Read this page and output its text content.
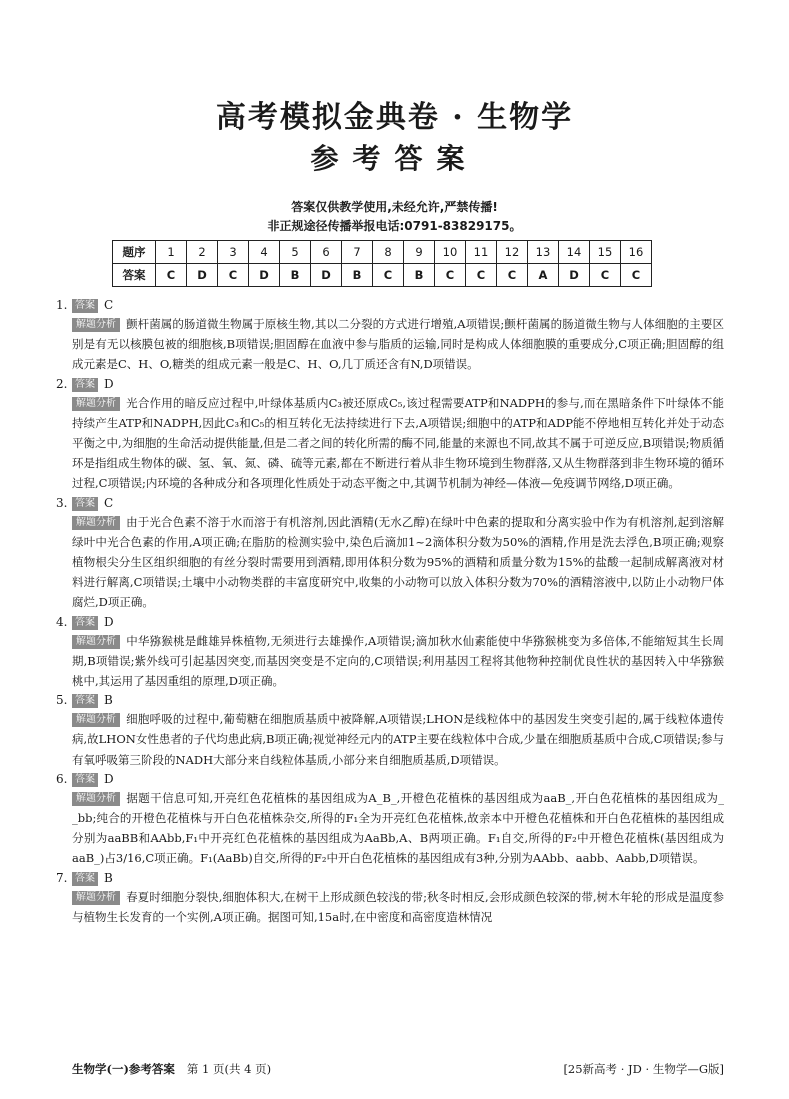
高考模拟金典卷 · 生物学
参考答案
答案仅供教学使用,未经允许,严禁传播!
非正规途径传播举报电话:0791-83829175。
题序	1	2	3	4	5	6	7	8	9	10	11	12	13	14	15	16
答案	C	D	C	D	B	D	B	C	B	C	C	C	A	D	C	C
1. 答案 C
解题分析 颤杆菌属的肠道微生物属于原核生物,其以二分裂的方式进行增殖,A项错误;颤杆菌属的肠道微生物与人体细胞的主要区别是有无以核膜包被的细胞核,B项错误;胆固醇在血液中参与脂质的运输,同时是构成人体细胞膜的重要成分,C项正确;胆固醇的组成元素是C、H、O,糖类的组成元素一般是C、H、O,几丁质还含有N,D项错误。
2. 答案 D
解题分析 光合作用的暗反应过程中,叶绿体基质内C₃被还原成C₅,该过程需要ATP和NADPH的参与,而在黑暗条件下叶绿体不能持续产生ATP和NADPH,因此C₃和C₅的相互转化无法持续进行下去,A项错误;细胞中的ATP和ADP能不停地相互转化并处于动态平衡之中,为细胞的生命活动提供能量,但是二者之间的转化所需的酶不同,能量的来源也不同,故其不属于可逆反应,B项错误;物质循环是指组成生物体的碳、氢、氧、氮、磷、硫等元素,都在不断进行着从非生物环境到生物群落,又从生物群落到非生物环境的循环过程,C项错误;内环境的各种成分和各项理化性质处于动态平衡之中,其调节机制为神经—体液—免疫调节网络,D项正确。
3. 答案 C
解题分析 由于光合色素不溶于水而溶于有机溶剂,因此酒精(无水乙醇)在绿叶中色素的提取和分离实验中作为有机溶剂,起到溶解绿叶中光合色素的作用,A项正确;在脂肪的检测实验中,染色后滴加1~2滴体积分数为50%的酒精,作用是洗去浮色,B项正确;观察植物根尖分生区组织细胞的有丝分裂时需要用到酒精,即用体积分数为95%的酒精和质量分数为15%的盐酸一起制成解离液对材料进行解离,C项错误;土壤中小动物类群的丰富度研究中,收集的小动物可以放入体积分数为70%的酒精溶液中,以防止小动物尸体腐烂,D项正确。
4. 答案 D
解题分析 中华猕猴桃是雌雄异株植物,无须进行去雄操作,A项错误;滴加秋水仙素能使中华猕猴桃变为多倍体,不能缩短其生长周期,B项错误;紫外线可引起基因突变,而基因突变是不定向的,C项错误;利用基因工程将其他物种控制优良性状的基因转入中华猕猴桃中,其运用了基因重组的原理,D项正确。
5. 答案 B
解题分析 细胞呼吸的过程中,葡萄糖在细胞质基质中被降解,A项错误;LHON是线粒体中的基因发生突变引起的,属于线粒体遗传病,故LHON女性患者的子代均患此病,B项正确;视觉神经元内的ATP主要在线粒体中合成,少量在细胞质基质中合成,C项错误;参与有氧呼吸第三阶段的NADH大部分来自线粒体基质,小部分来自细胞质基质,D项错误。
6. 答案 D
解题分析 据题干信息可知,开亮红色花植株的基因组成为A_B_,开橙色花植株的基因组成为aaB_,开白色花植株的基因组成为_ _bb;纯合的开橙色花植株与开白色花植株杂交,所得的F₁全为开亮红色花植株,故亲本中开橙色花植株和开白色花植株的基因组成分别为aaBB和AAbb,F₁中开亮红色花植株的基因组成为AaBb,A、B两项正确。F₁自交,所得的F₂中开橙色花植株(基因组成为aaB_)占3/16,C项正确。F₁(AaBb)自交,所得的F₂中开白色花植株的基因组成有3种,分别为AAbb、aabb、Aabb,D项错误。
7. 答案 B
解题分析 春夏时细胞分裂快,细胞体积大,在树干上形成颜色较浅的带;秋冬时相反,会形成颜色较深的带,树木年轮的形成是温度参与植物生长发育的一个实例,A项正确。据图可知,15a时,在中密度和高密度造林情况
生物学(一)参考答案 第 1 页(共 4 页)	[25新高考 · JD · 生物学—G版]
